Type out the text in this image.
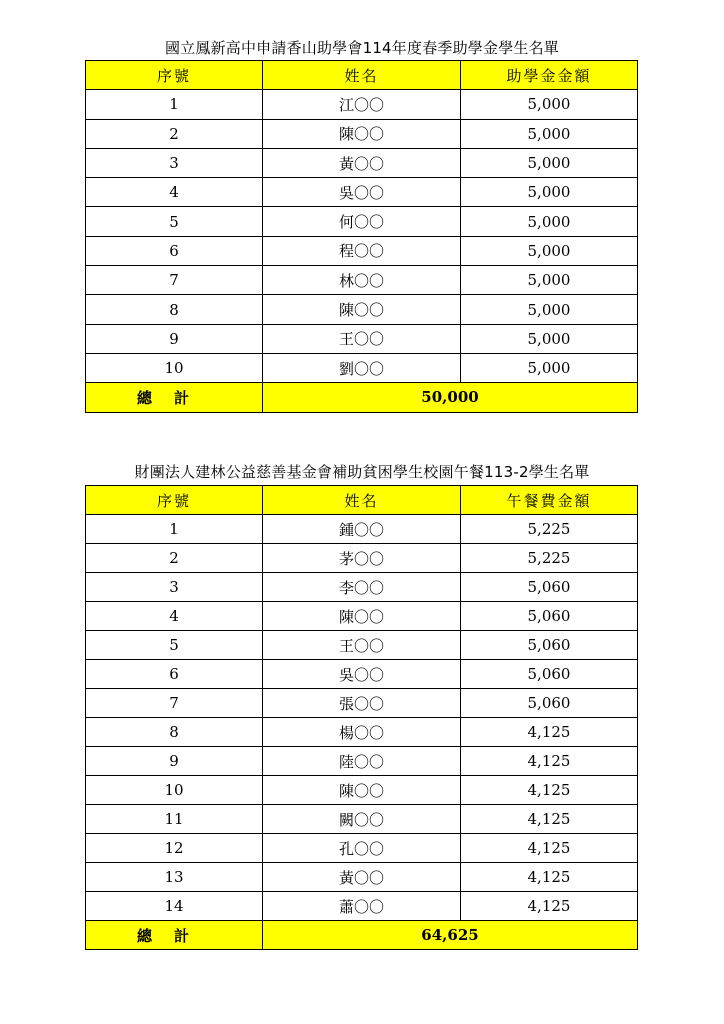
國立鳳新高中申請香山助學會114年度春季助學金學生名單
序號	姓名	助學金金額
1	江〇〇	5,000
2	陳〇〇	5,000
3	黃〇〇	5,000
4	吳〇〇	5,000
5	何〇〇	5,000
6	程〇〇	5,000
7	林〇〇	5,000
8	陳〇〇	5,000
9	王〇〇	5,000
10	劉〇〇	5,000
總計	50,000	
財團法人建林公益慈善基金會補助貧困學生校園午餐113-2學生名單
序號	姓名	午餐費金額
1	鍾〇〇	5,225
2	茅〇〇	5,225
3	李〇〇	5,060
4	陳〇〇	5,060
5	王〇〇	5,060
6	吳〇〇	5,060
7	張〇〇	5,060
8	楊〇〇	4,125
9	陸〇〇	4,125
10	陳〇〇	4,125
11	闕〇〇	4,125
12	孔〇〇	4,125
13	黃〇〇	4,125
14	蕭〇〇	4,125
總計	64,625	
